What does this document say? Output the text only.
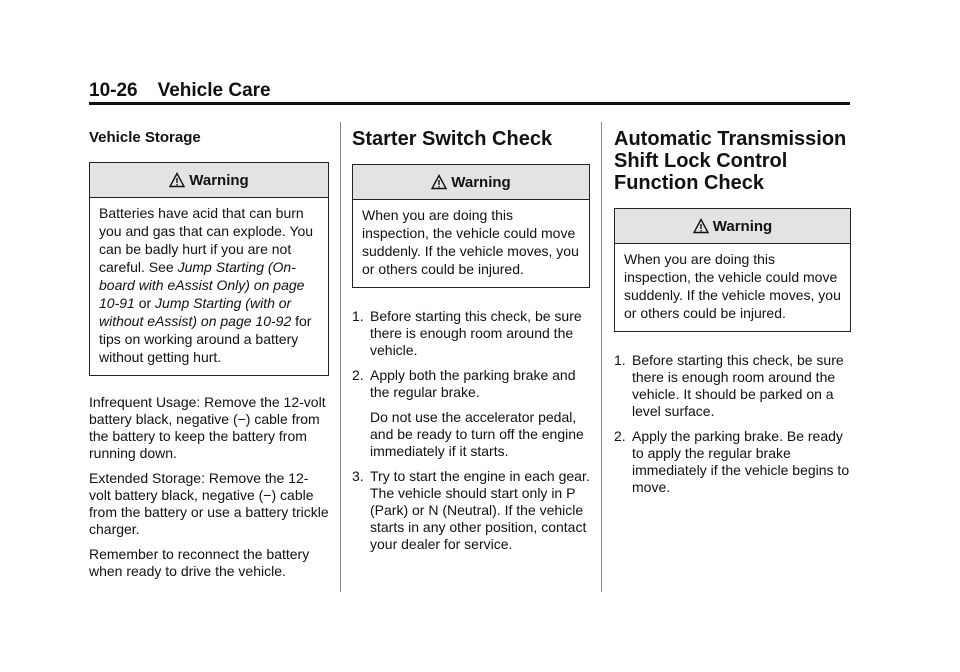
10-26 Vehicle Care
Vehicle Storage
Warning
Batteries have acid that can burn you and gas that can explode. You can be badly hurt if you are not careful. See Jump Starting (On-board with eAssist Only) on page 10-91 or Jump Starting (with or without eAssist) on page 10-92 for tips on working around a battery without getting hurt.

Infrequent Usage: Remove the 12-volt battery black, negative (−) cable from the battery to keep the battery from running down.

Extended Storage: Remove the 12-volt battery black, negative (−) cable from the battery or use a battery trickle charger.

Remember to reconnect the battery when ready to drive the vehicle.

Starter Switch Check
Warning
When you are doing this inspection, the vehicle could move suddenly. If the vehicle moves, you or others could be injured.
1. Before starting this check, be sure there is enough room around the vehicle.
2. Apply both the parking brake and the regular brake.
Do not use the accelerator pedal, and be ready to turn off the engine immediately if it starts.
3. Try to start the engine in each gear. The vehicle should start only in P (Park) or N (Neutral). If the vehicle starts in any other position, contact your dealer for service.
Automatic Transmission
Shift Lock Control
Function Check
Warning
When you are doing this inspection, the vehicle could move suddenly. If the vehicle moves, you or others could be injured.
1. Before starting this check, be sure there is enough room around the vehicle. It should be parked on a level surface.
2. Apply the parking brake. Be ready to apply the regular brake immediately if the vehicle begins to move.
